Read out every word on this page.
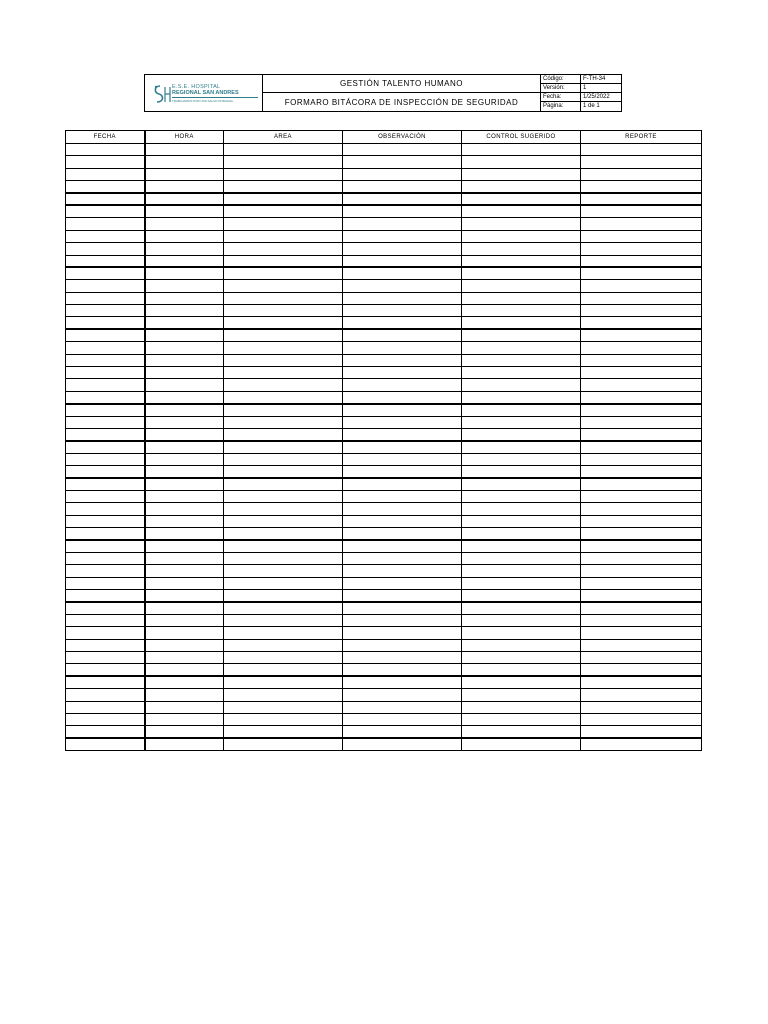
E.S.E. HOSPITAL
REGIONAL SAN ANDRES
TRABAJAMOS POR UNA SALUD INTEGRAL
GESTIÓN TALENTO HUMANO
FORMARO BITÁCORA DE INSPECCIÓN DE SEGURIDAD
Código:	F-TH-34
Versión:	1
Fecha:	1/25/2022
Página:	1 de 1
FECHA	HORA	AREA	OBSERVACIÓN	CONTROL SUGERIDO	REPORTE
